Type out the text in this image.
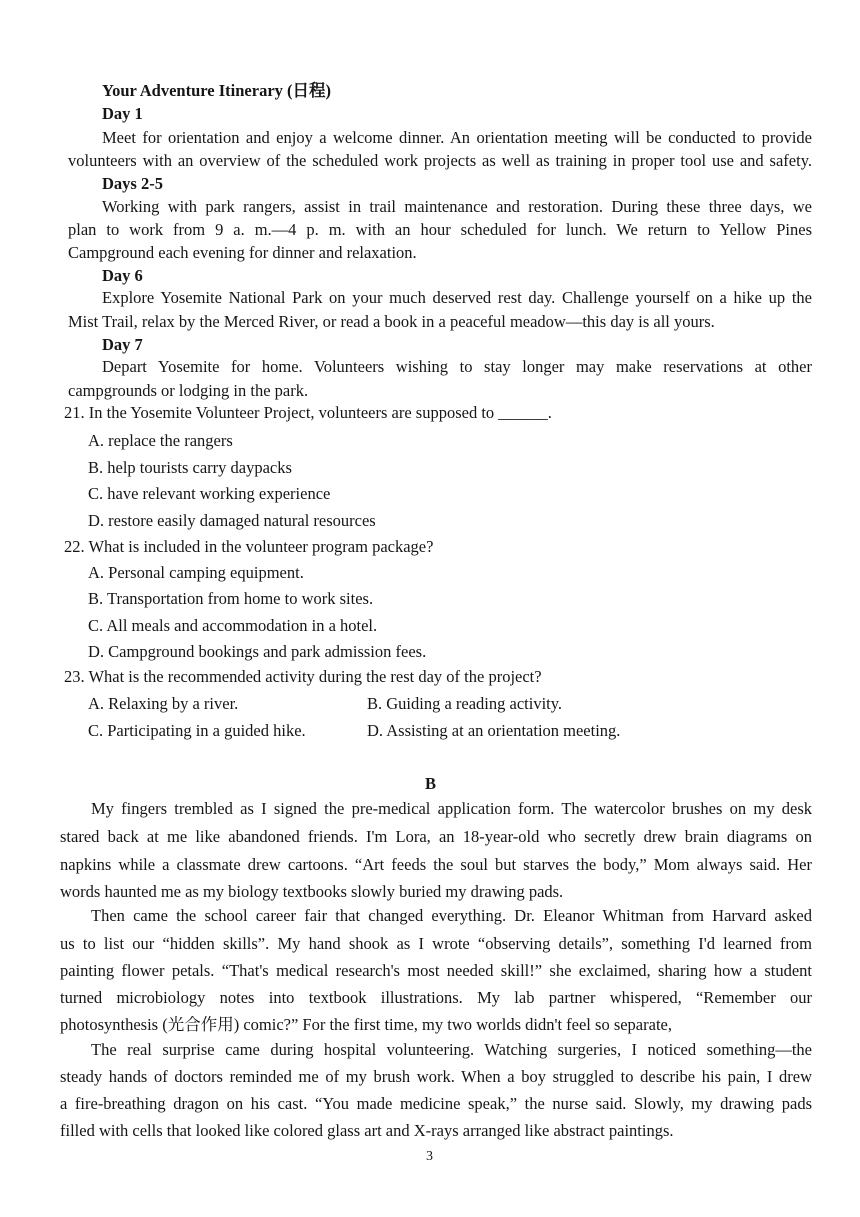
Your Adventure Itinerary (日程)
Day 1
Meet for orientation and enjoy a welcome dinner. An orientation meeting will be conducted to provide
volunteers with an overview of the scheduled work projects as well as training in proper tool use and safety.
Days 2-5
Working with park rangers, assist in trail maintenance and restoration. During these three days, we
plan to work from 9 a. m.—4 p. m. with an hour scheduled for lunch. We return to Yellow Pines
Campground each evening for dinner and relaxation.
Day 6
Explore Yosemite National Park on your much deserved rest day. Challenge yourself on a hike up the
Mist Trail, relax by the Merced River, or read a book in a peaceful meadow—this day is all yours.
Day 7
Depart Yosemite for home. Volunteers wishing to stay longer may make reservations at other
campgrounds or lodging in the park.
21. In the Yosemite Volunteer Project, volunteers are supposed to ______.
A. replace the rangers
B. help tourists carry daypacks
C. have relevant working experience
D. restore easily damaged natural resources
22. What is included in the volunteer program package?
A. Personal camping equipment.
B. Transportation from home to work sites.
C. All meals and accommodation in a hotel.
D. Campground bookings and park admission fees.
23. What is the recommended activity during the rest day of the project?
A. Relaxing by a river.	B. Guiding a reading activity.
C. Participating in a guided hike.	D. Assisting at an orientation meeting.
B
My fingers trembled as I signed the pre-medical application form. The watercolor brushes on my desk
stared back at me like abandoned friends. I'm Lora, an 18-year-old who secretly drew brain diagrams on
napkins while a classmate drew cartoons. “Art feeds the soul but starves the body,” Mom always said. Her
words haunted me as my biology textbooks slowly buried my drawing pads.
Then came the school career fair that changed everything. Dr. Eleanor Whitman from Harvard asked
us to list our “hidden skills”. My hand shook as I wrote “observing details”, something I'd learned from
painting flower petals. “That's medical research's most needed skill!” she exclaimed, sharing how a student
turned microbiology notes into textbook illustrations. My lab partner whispered, “Remember our
photosynthesis (光合作用) comic?” For the first time, my two worlds didn't feel so separate,
The real surprise came during hospital volunteering. Watching surgeries, I noticed something—the
steady hands of doctors reminded me of my brush work. When a boy struggled to describe his pain, I drew
a fire-breathing dragon on his cast. “You made medicine speak,” the nurse said. Slowly, my drawing pads
filled with cells that looked like colored glass art and X-rays arranged like abstract paintings.
3
